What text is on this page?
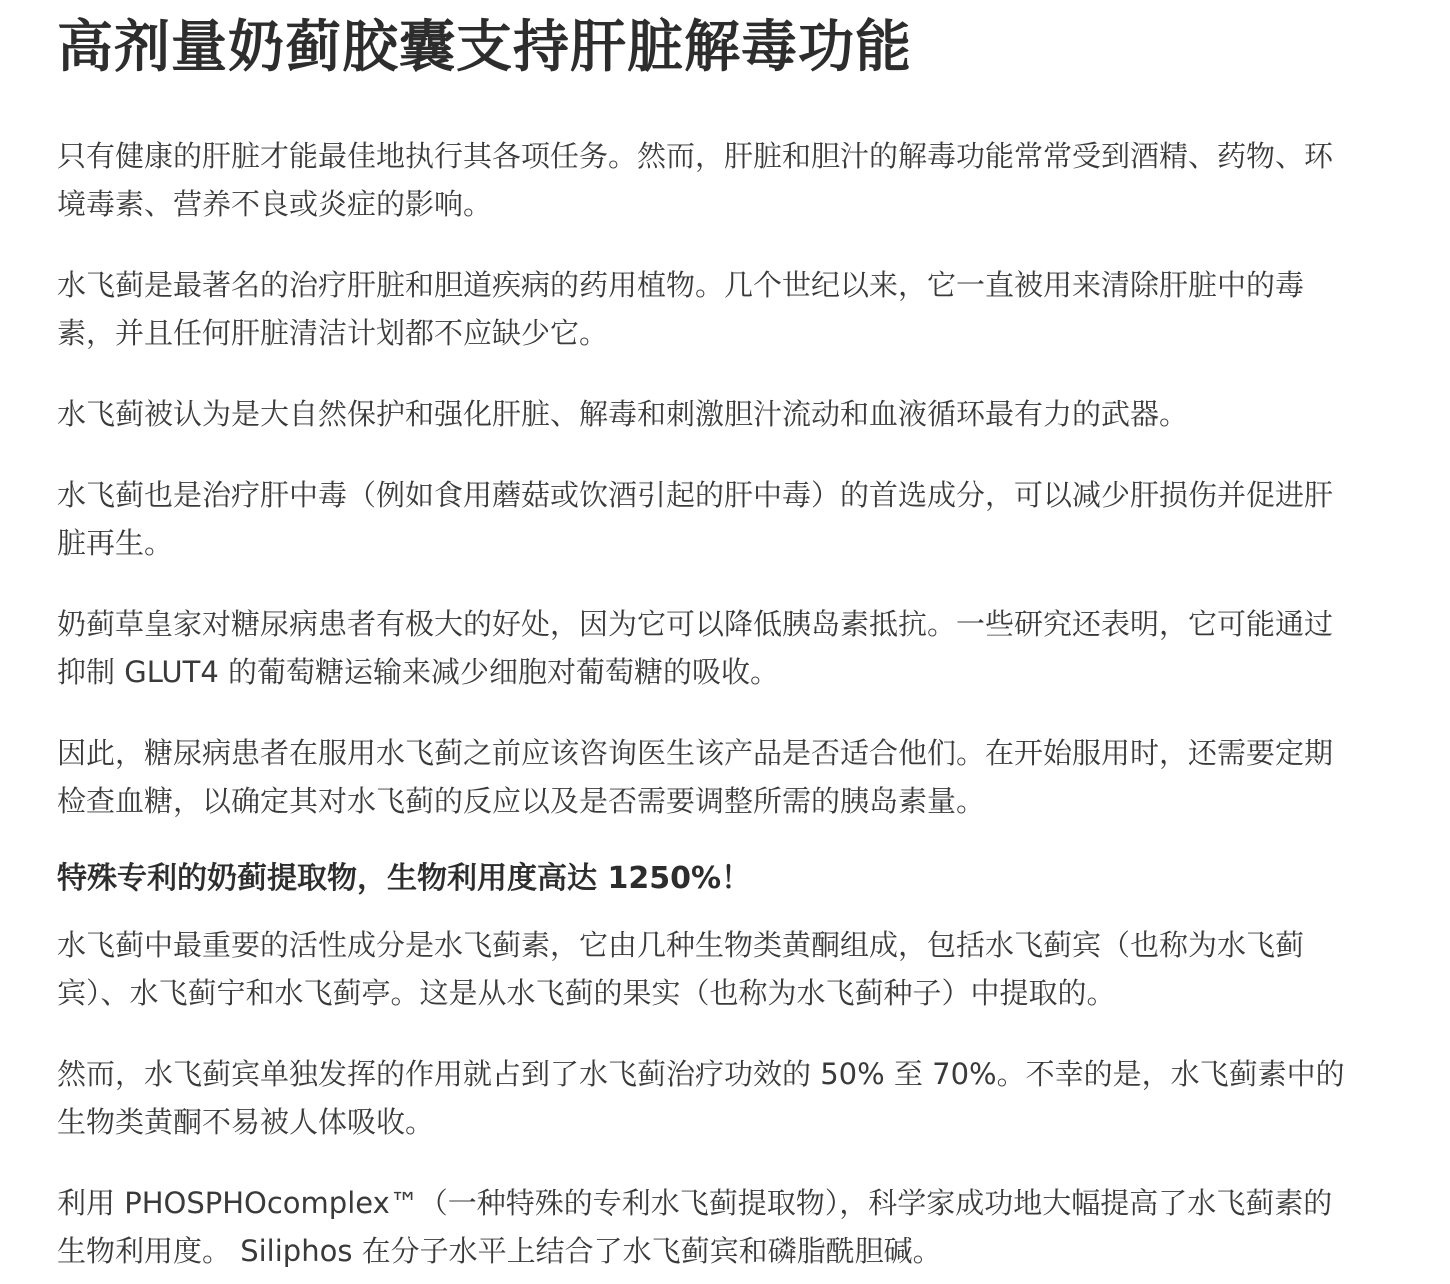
高剂量奶蓟胶囊支持肝脏解毒功能

只有健康的肝脏才能最佳地执行其各项任务。然而，肝脏和胆汁的解毒功能常常受到酒精、药物、环境毒素、营养不良或炎症的影响。

水飞蓟是最著名的治疗肝脏和胆道疾病的药用植物。几个世纪以来，它一直被用来清除肝脏中的毒素，并且任何肝脏清洁计划都不应缺少它。

水飞蓟被认为是大自然保护和强化肝脏、解毒和刺激胆汁流动和血液循环最有力的武器。

水飞蓟也是治疗肝中毒（例如食用蘑菇或饮酒引起的肝中毒）的首选成分，可以减少肝损伤并促进肝脏再生。

奶蓟草皇家对糖尿病患者有极大的好处，因为它可以降低胰岛素抵抗。一些研究还表明，它可能通过抑制 GLUT4 的葡萄糖运输来减少细胞对葡萄糖的吸收。

因此，糖尿病患者在服用水飞蓟之前应该咨询医生该产品是否适合他们。在开始服用时，还需要定期检查血糖，以确定其对水飞蓟的反应以及是否需要调整所需的胰岛素量。

特殊专利的奶蓟提取物，生物利用度高达 1250%！

水飞蓟中最重要的活性成分是水飞蓟素，它由几种生物类黄酮组成，包括水飞蓟宾（也称为水飞蓟宾）、水飞蓟宁和水飞蓟亭。这是从水飞蓟的果实（也称为水飞蓟种子）中提取的。

然而，水飞蓟宾单独发挥的作用就占到了水飞蓟治疗功效的 50% 至 70%。不幸的是，水飞蓟素中的生物类黄酮不易被人体吸收。

利用 PHOSPHOcomplex™（一种特殊的专利水飞蓟提取物），科学家成功地大幅提高了水飞蓟素的生物利用度。 Siliphos 在分子水平上结合了水飞蓟宾和磷脂酰胆碱。
